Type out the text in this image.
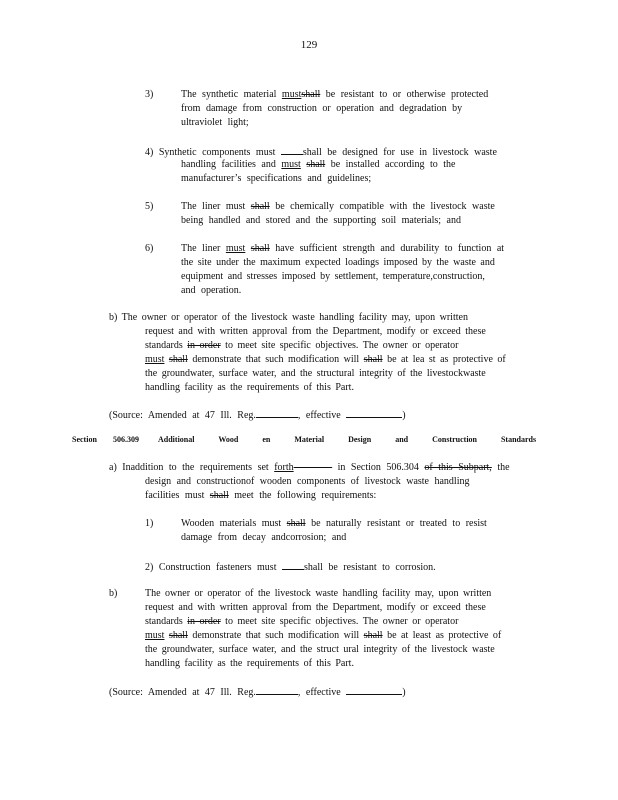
129
3)	The synthetic material mustshall be resistant to or otherwise protected
from damage from construction or operation and degradation by
ultraviolet light;
4) Synthetic components must	shall be designed for use in livestock waste
handling facilities and must shall be installed according to the
manufacturer’s specifications and guidelines;
5)	The liner must shall be chemically compatible with the livestock waste
being handled and stored and the supporting soil materials; and
6)	The liner must shall have sufficient strength and durability to function at
the site under the maximum expected loadings imposed by the waste and
equipment and stresses imposed by settlement, temperature,construction,
and operation.
b) The owner or operator of the livestock waste handling facility may, upon written
request and with written approval from the Department, modify or exceed these
standards in order to meet site specific objectives. The owner or operator
must shall demonstrate that such modification will shall be at lea st as protective of
the groundwater, surface water, and the structural integrity of the livestockwaste
handling facility as the requirements of this Part.
(Source: Amended at 47 Ill. Reg.	, effective	)
Section 506.309 Additional Wood en Material Design and Construction Standards
a) Inaddition to the requirements set forth	in Section 506.304 of this Subpart, the
design and constructionof wooden components of livestock waste handling
facilities must shall meet the following requirements:
1)	Wooden materials must shall be naturally resistant or treated to resist
damage from decay andcorrosion; and
2) Construction fasteners must	shall be resistant to corrosion.
b)	The owner or operator of the livestock waste handling facility may, upon written
request and with written approval from the Department, modify or exceed these
standards in order to meet site specific objectives. The owner or operator
must shall demonstrate that such modification will shall be at least as protective of
the groundwater, surface water, and the struct ural integrity of the livestock waste
handling facility as the requirements of this Part.
(Source: Amended at 47 Ill. Reg.	, effective	)
